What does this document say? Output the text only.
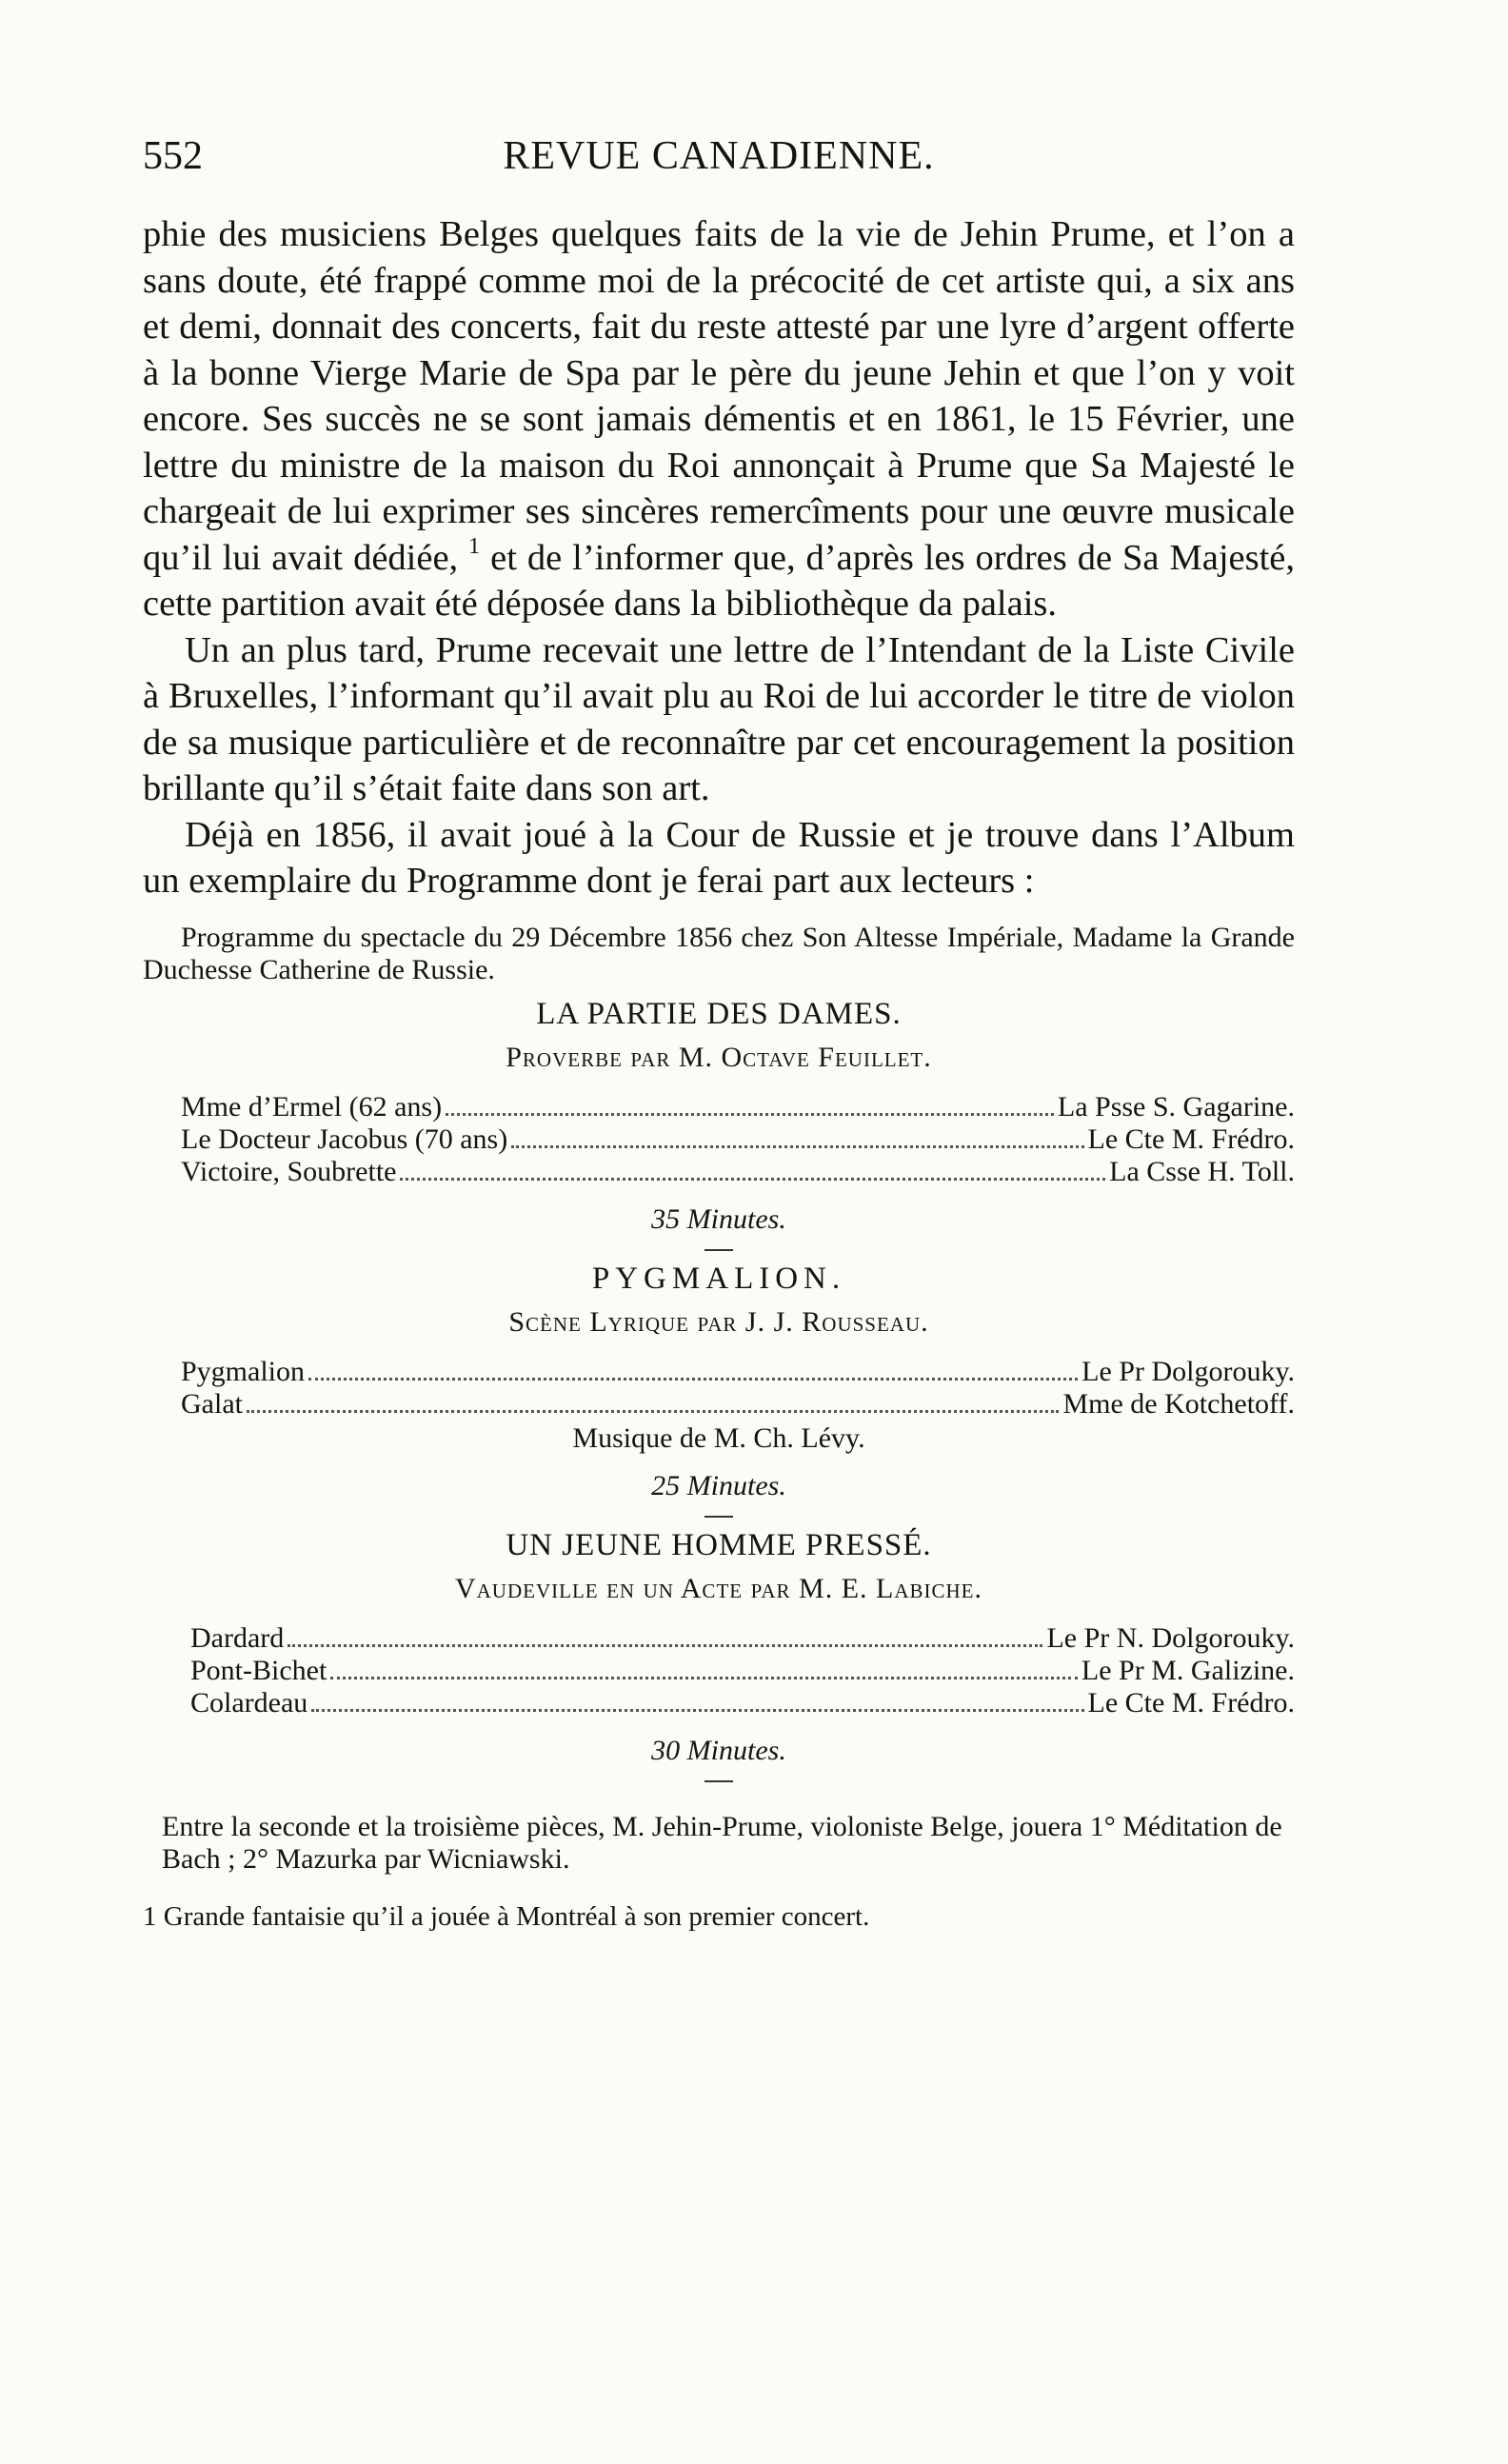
552	REVUE CANADIENNE.

phie des musiciens Belges quelques faits de la vie de Jehin Prume, et l’on a sans doute, été frappé comme moi de la précocité de cet artiste qui, a six ans et demi, donnait des concerts, fait du reste attesté par une lyre d’argent offerte à la bonne Vierge Marie de Spa par le père du jeune Jehin et que l’on y voit encore. Ses succès ne se sont jamais démentis et en 1861, le 15 Février, une lettre du ministre de la maison du Roi annonçait à Prume que Sa Majesté le chargeait de lui exprimer ses sincères remercîments pour une œuvre musicale qu’il lui avait dédiée, $^1$ et de l’informer que, d’après les ordres de Sa Majesté, cette partition avait été déposée dans la bibliothèque da palais.

Un an plus tard, Prume recevait une lettre de l’Intendant de la Liste Civile à Bruxelles, l’informant qu’il avait plu au Roi de lui accorder le titre de violon de sa musique particulière et de reconnaître par cet encouragement la position brillante qu’il s’était faite dans son art.

Déjà en 1856, il avait joué à la Cour de Russie et je trouve dans l’Album un exemplaire du Programme dont je ferai part aux lecteurs :

Programme du spectacle du 29 Décembre 1856 chez Son Altesse Impériale, Madame la Grande Duchesse Catherine de Russie.
LA PARTIE DES DAMES.
Proverbe par M. Octave Feuillet.
Mme d’Ermel (62 ans)	La Psse S. Gagarine.
Le Docteur Jacobus (70 ans)	Le Cte M. Frédro.
Victoire, Soubrette	La Csse H. Toll.
35 Minutes.
PYGMALION.
Scène Lyrique par J. J. Rousseau.
Pygmalion	Le Pr Dolgorouky.
Galat	Mme de Kotchetoff.
Musique de M. Ch. Lévy.
25 Minutes.
UN JEUNE HOMME PRESSÉ.
Vaudeville en un Acte par M. E. Labiche.
Dardard	Le Pr N. Dolgorouky.
Pont-Bichet	Le Pr M. Galizine.
Colardeau	Le Cte M. Frédro.
30 Minutes.
Entre la seconde et la troisième pièces, M. Jehin-Prume, violoniste Belge, jouera 1° Méditation de Bach ; 2° Mazurka par Wicniawski.
1 Grande fantaisie qu’il a jouée à Montréal à son premier concert.
